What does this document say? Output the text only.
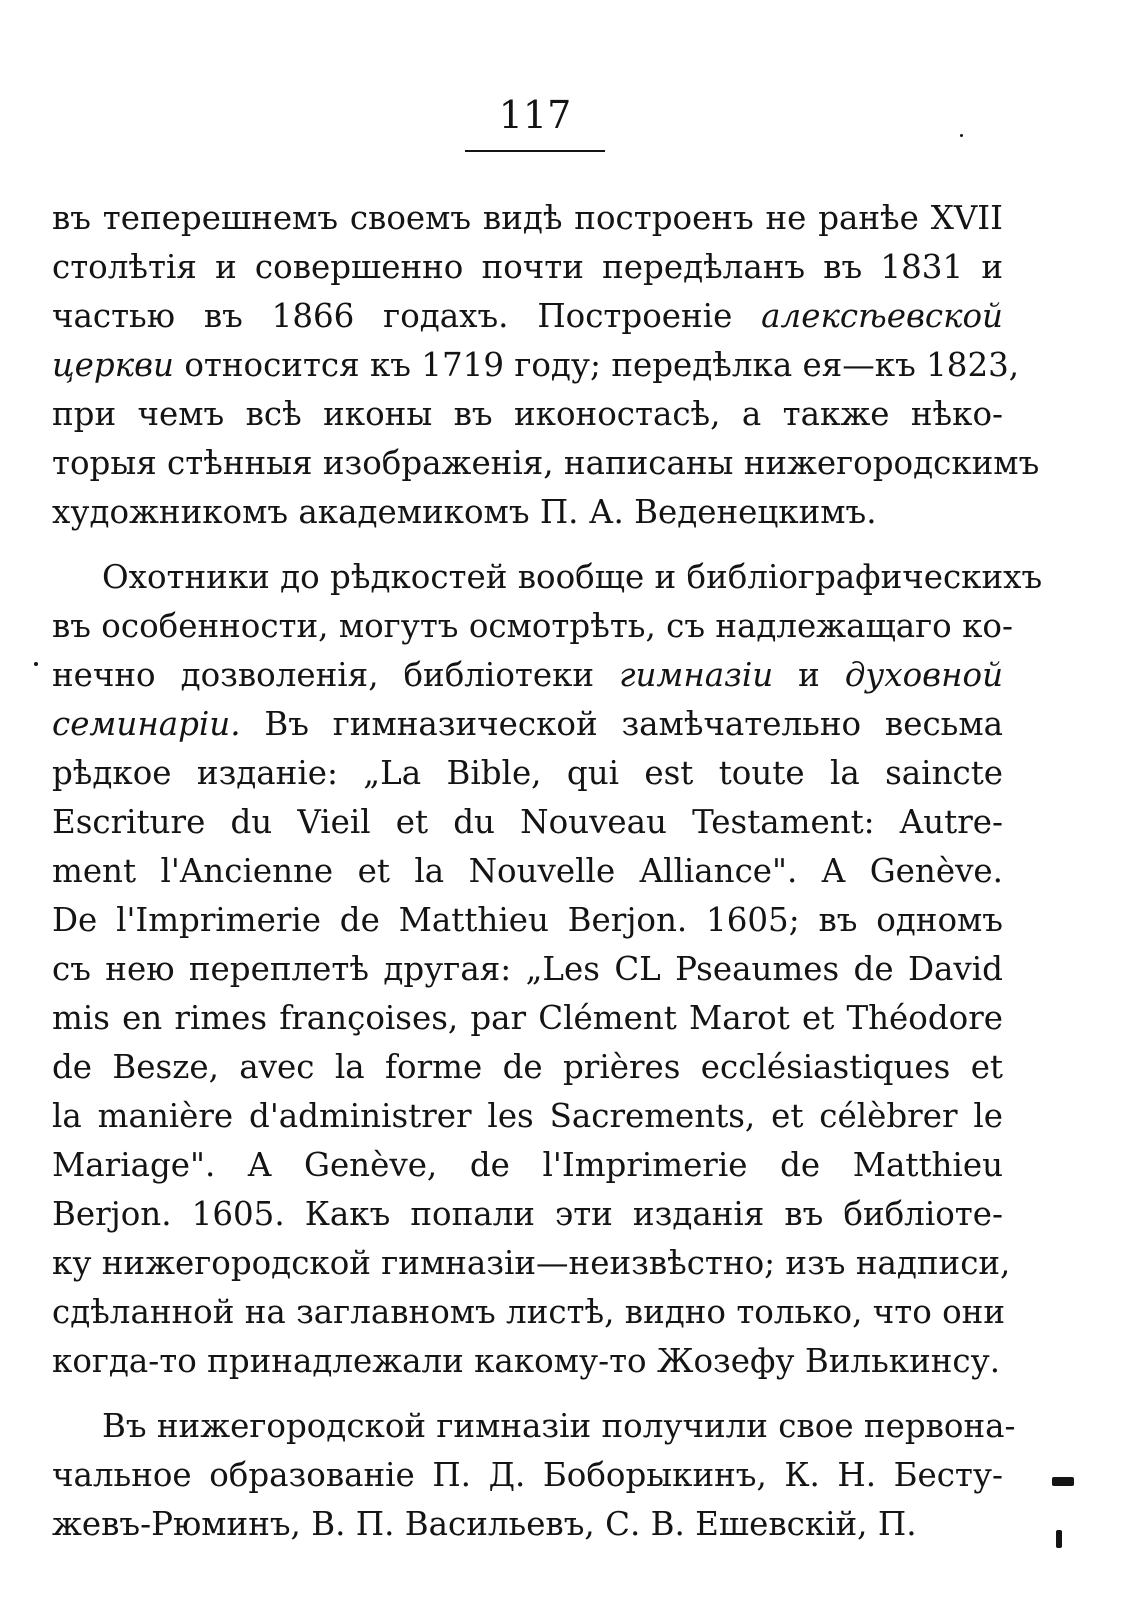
117
въ теперешнемъ своемъ видѣ построенъ не ранѣе XVII
столѣтія и совершенно почти передѣланъ въ 1831 и
частью въ 1866 годахъ. Построеніе алексѣевской
церкви относится къ 1719 году; передѣлка ея—къ 1823,
при чемъ всѣ иконы въ иконостасѣ, а также нѣко-
торыя стѣнныя изображенія, написаны нижегородскимъ
художникомъ академикомъ П. А. Веденецкимъ.
Охотники до рѣдкостей вообще и библіографическихъ
въ особенности, могутъ осмотрѣть, съ надлежащаго ко-
нечно дозволенія, библіотеки гимназіи и духовной
семинаріи. Въ гимназической замѣчательно весьма
рѣдкое изданіе: „La Bible, qui est toute la saincte
Escriture du Vieil et du Nouveau Testament: Autre-
ment l'Ancienne et la Nouvelle Alliance". A Genève.
De l'Imprimerie de Matthieu Berjon. 1605; въ одномъ
съ нею переплетѣ другая: „Les CL Pseaumes de David
mis en rimes françoises, par Clément Marot et Théodore
de Besze, avec la forme de prières ecclésiastiques et
la manière d'administrer les Sacrements, et célèbrer le
Mariage". A Genève, de l'Imprimerie de Matthieu
Berjon. 1605. Какъ попали эти изданія въ библіоте-
ку нижегородской гимназіи—неизвѣстно; изъ надписи,
сдѣланной на заглавномъ листѣ, видно только, что они
когда-то принадлежали какому-то Жозефу Вилькинсу.
Въ нижегородской гимназіи получили свое первона-
чальное образованіе П. Д. Боборыкинъ, К. Н. Бесту-
жевъ-Рюминъ, В. П. Васильевъ, С. В. Ешевскій, П.
